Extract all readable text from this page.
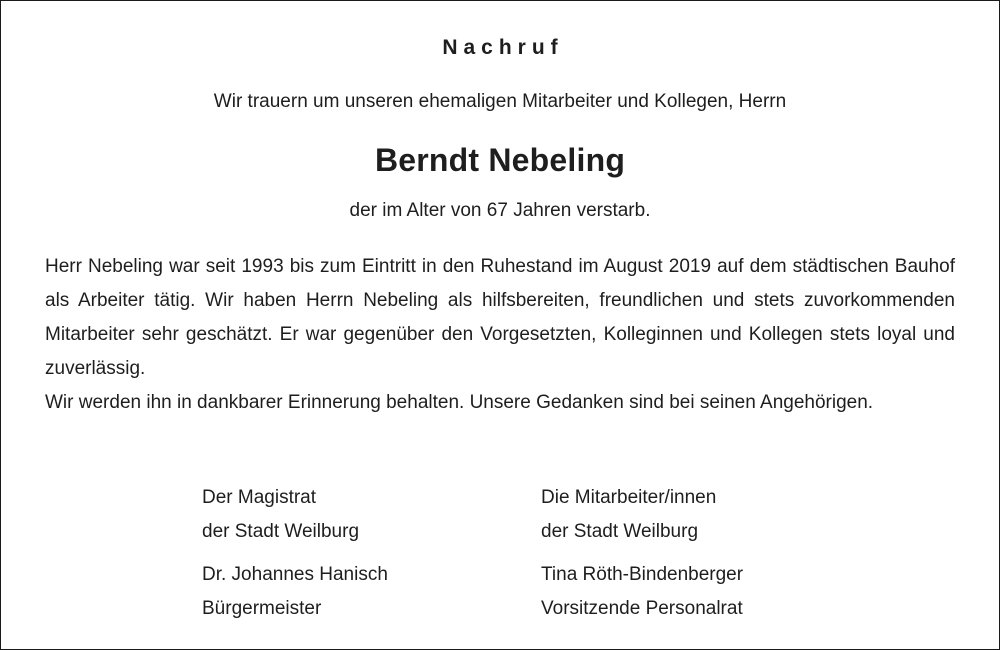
Nachruf
Wir trauern um unseren ehemaligen Mitarbeiter und Kollegen, Herrn
Berndt Nebeling
der im Alter von 67 Jahren verstarb.

Herr Nebeling war seit 1993 bis zum Eintritt in den Ruhestand im August 2019 auf dem städtischen Bauhof als Arbeiter tätig. Wir haben Herrn Nebeling als hilfsbereiten, freundlichen und stets zuvorkommenden Mitarbeiter sehr geschätzt. Er war gegenüber den Vorgesetzten, Kolleginnen und Kollegen stets loyal und zuverlässig.

Wir werden ihn in dankbarer Erinnerung behalten. Unsere Gedanken sind bei seinen Angehörigen.

Der Magistrat
der Stadt Weilburg
Die Mitarbeiter/innen
der Stadt Weilburg
Dr. Johannes Hanisch
Bürgermeister
Tina Röth-Bindenberger
Vorsitzende Personalrat
